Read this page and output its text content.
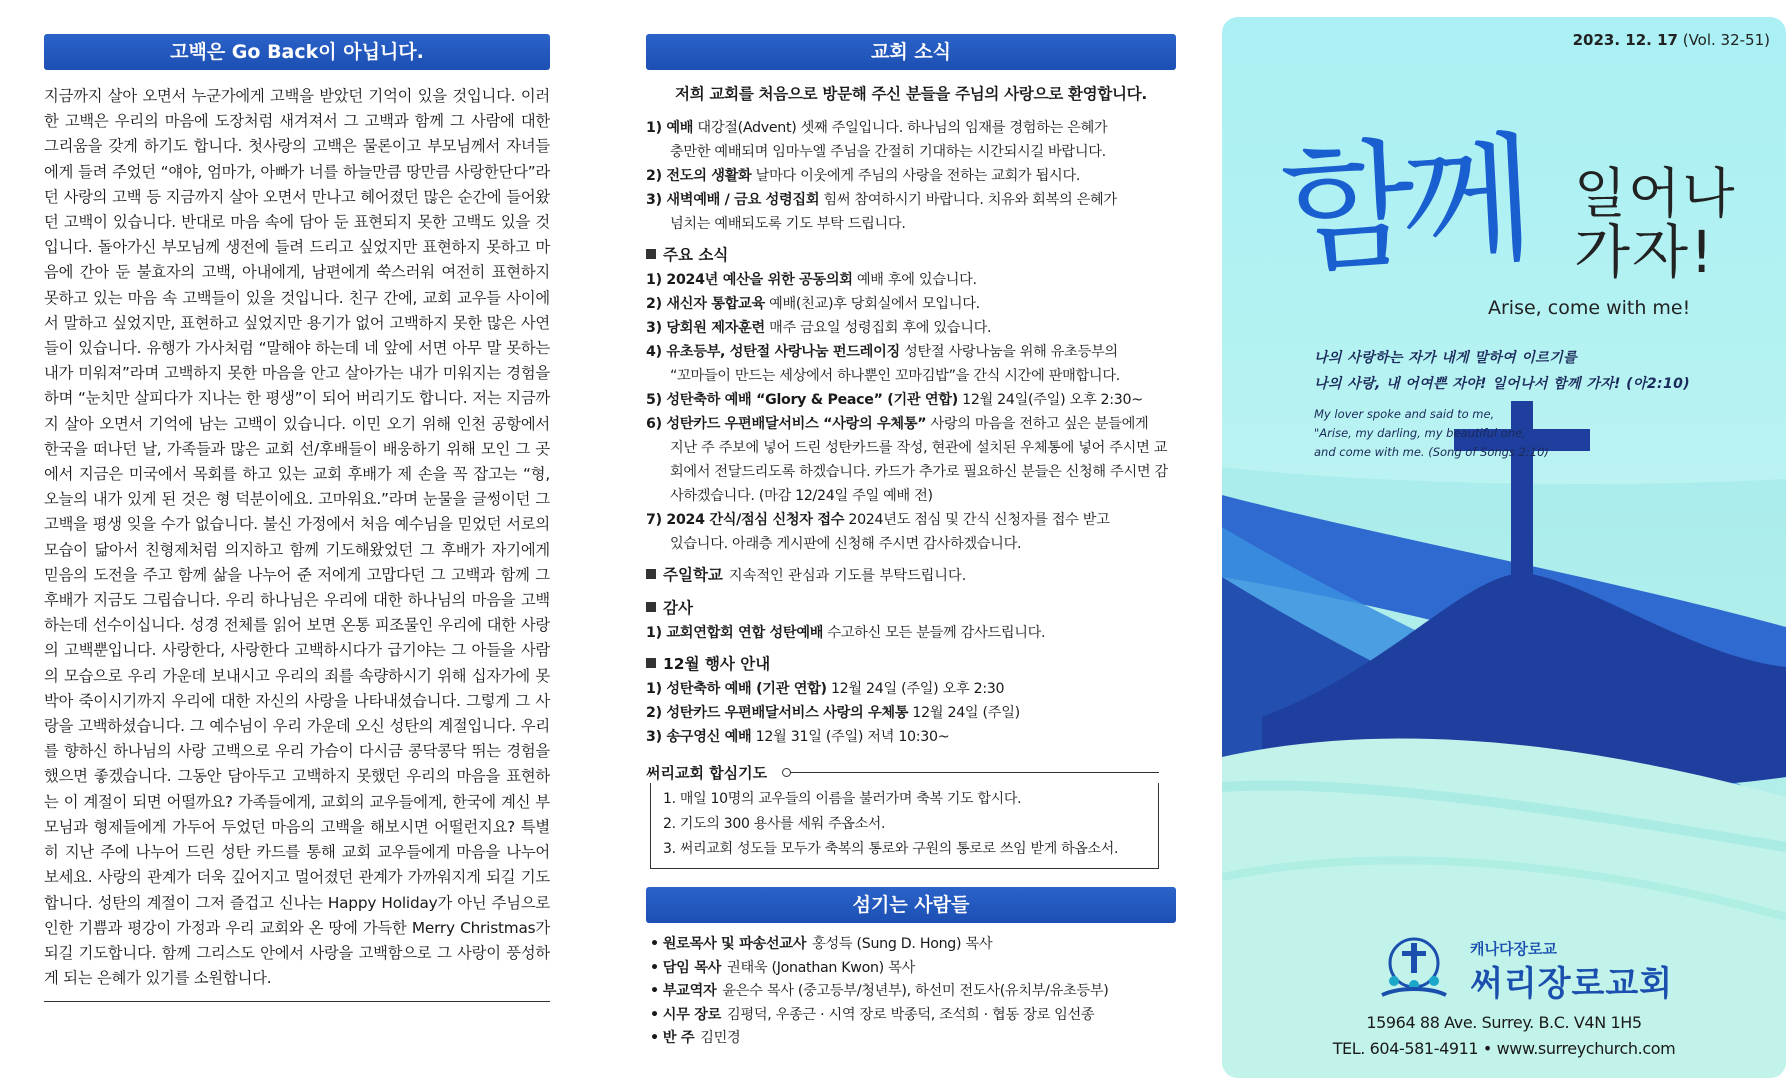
고백은 Go Back이 아닙니다.

지금까지 살아 오면서 누군가에게 고백을 받았던 기억이 있을 것입니다. 이러한 고백은 우리의 마음에 도장처럼 새겨져서 그 고백과 함께 그 사람에 대한 그리움을 갖게 하기도 합니다. 첫사랑의 고백은 물론이고 부모님께서 자녀들에게 들려 주었던 “얘야, 엄마가, 아빠가 너를 하늘만큼 땅만큼 사랑한단다”라던 사랑의 고백 등 지금까지 살아 오면서 만나고 헤어졌던 많은 순간에 들어왔던 고백이 있습니다. 반대로 마음 속에 담아 둔 표현되지 못한 고백도 있을 것입니다. 돌아가신 부모님께 생전에 들려 드리고 싶었지만 표현하지 못하고 마음에 간아 둔 불효자의 고백, 아내에게, 남편에게 쑥스러워 여전히 표현하지 못하고 있는 마음 속 고백들이 있을 것입니다. 친구 간에, 교회 교우들 사이에서 말하고 싶었지만, 표현하고 싶었지만 용기가 없어 고백하지 못한 많은 사연들이 있습니다. 유행가 가사처럼 “말해야 하는데 네 앞에 서면 아무 말 못하는 내가 미워져”라며 고백하지 못한 마음을 안고 살아가는 내가 미워지는 경험을 하며 “눈치만 살피다가 지나는 한 평생”이 되어 버리기도 합니다. 저는 지금까지 살아 오면서 기억에 남는 고백이 있습니다. 이민 오기 위해 인천 공항에서 한국을 떠나던 날, 가족들과 많은 교회 선/후배들이 배웅하기 위해 모인 그 곳에서 지금은 미국에서 목회를 하고 있는 교회 후배가 제 손을 꼭 잡고는 “형, 오늘의 내가 있게 된 것은 형 덕분이에요. 고마워요.”라며 눈물을 글썽이던 그 고백을 평생 잊을 수가 없습니다. 불신 가정에서 처음 예수님을 믿었던 서로의 모습이 닮아서 친형제처럼 의지하고 함께 기도해왔었던 그 후배가 자기에게 믿음의 도전을 주고 함께 삶을 나누어 준 저에게 고맙다던 그 고백과 함께 그 후배가 지금도 그립습니다. 우리 하나님은 우리에 대한 하나님의 마음을 고백하는데 선수이십니다. 성경 전체를 읽어 보면 온통 피조물인 우리에 대한 사랑의 고백뿐입니다. 사랑한다, 사랑한다 고백하시다가 급기야는 그 아들을 사람의 모습으로 우리 가운데 보내시고 우리의 죄를 속량하시기 위해 십자가에 못박아 죽이시기까지 우리에 대한 자신의 사랑을 나타내셨습니다. 그렇게 그 사랑을 고백하셨습니다. 그 예수님이 우리 가운데 오신 성탄의 계절입니다. 우리를 향하신 하나님의 사랑 고백으로 우리 가슴이 다시금 콩닥콩닥 뛰는 경험을 했으면 좋겠습니다. 그동안 담아두고 고백하지 못했던 우리의 마음을 표현하는 이 계절이 되면 어떨까요? 가족들에게, 교회의 교우들에게, 한국에 계신 부모님과 형제들에게 가두어 두었던 마음의 고백을 해보시면 어떨런지요? 특별히 지난 주에 나누어 드린 성탄 카드를 통해 교회 교우들에게 마음을 나누어 보세요. 사랑의 관계가 더욱 깊어지고 멀어졌던 관계가 가까워지게 되길 기도합니다. 성탄의 계절이 그저 즐겁고 신나는 Happy Holiday가 아닌 주님으로 인한 기쁨과 평강이 가정과 우리 교회와 온 땅에 가득한 Merry Christmas가 되길 기도합니다. 함께 그리스도 안에서 사랑을 고백함으로 그 사랑이 풍성하게 되는 은혜가 있기를 소원합니다.

교회 소식
저희 교회를 처음으로 방문해 주신 분들을 주님의 사랑으로 환영합니다.
1) 예배 대강절(Advent) 셋째 주일입니다. 하나님의 임재를 경험하는 은혜가
충만한 예배되며 임마누엘 주님을 간절히 기대하는 시간되시길 바랍니다.
2) 전도의 생활화 날마다 이웃에게 주님의 사랑을 전하는 교회가 됩시다.
3) 새벽예배 / 금요 성령집회 힘써 참여하시기 바랍니다. 치유와 회복의 은혜가
넘치는 예배되도록 기도 부탁 드립니다.
주요 소식
1) 2024년 예산을 위한 공동의회 예배 후에 있습니다.
2) 새신자 통합교육 예배(친교)후 당회실에서 모입니다.
3) 당회원 제자훈련 매주 금요일 성령집회 후에 있습니다.
4) 유초등부, 성탄절 사랑나눔 펀드레이징 성탄절 사랑나눔을 위해 유초등부의
“꼬마들이 만드는 세상에서 하나뿐인 꼬마김밥”을 간식 시간에 판매합니다.
5) 성탄축하 예배 “Glory & Peace” (기관 연합) 12월 24일(주일) 오후 2:30~
6) 성탄카드 우편배달서비스 “사랑의 우체통” 사랑의 마음을 전하고 싶은 분들에게
지난 주 주보에 넣어 드린 성탄카드를 작성, 현관에 설치된 우체통에 넣어 주시면 교회에서 전달드리도록 하겠습니다. 카드가 추가로 필요하신 분들은 신청해 주시면 감사하겠습니다. (마감 12/24일 주일 예배 전)
7) 2024 간식/점심 신청자 접수 2024년도 점심 및 간식 신청자를 접수 받고
있습니다. 아래층 게시판에 신청해 주시면 감사하겠습니다.
주일학교 지속적인 관심과 기도를 부탁드립니다.
감사
1) 교회연합회 연합 성탄예배 수고하신 모든 분들께 감사드립니다.
12월 행사 안내
1) 성탄축하 예배 (기관 연합) 12월 24일 (주일) 오후 2:30
2) 성탄카드 우편배달서비스 사랑의 우체통 12월 24일 (주일)
3) 송구영신 예배 12월 31일 (주일) 저녁 10:30~
써리교회 합심기도
1. 매일 10명의 교우들의 이름을 불러가며 축복 기도 합시다.
2. 기도의 300 용사를 세워 주옵소서.
3. 써리교회 성도들 모두가 축복의 통로와 구원의 통로로 쓰임 받게 하옵소서.
섬기는 사람들
• 원로목사 및 파송선교사 홍성득 (Sung D. Hong) 목사
• 담임 목사 권태욱 (Jonathan Kwon) 목사
• 부교역자 윤은수 목사 (중고등부/청년부), 하선미 전도사(유치부/유초등부)
• 시무 장로 김평덕, 우종근 · 시역 장로 박종덕, 조석희 · 협동 장로 임선종
• 반 주 김민경
2023. 12. 17 (Vol. 32-51)
함께 일어나
가자!
Arise, come with me!
나의 사랑하는 자가 내게 말하여 이르기를
나의 사랑, 내 어여쁜 자야! 일어나서 함께 가자! (아2:10)
My lover spoke and said to me,
"Arise, my darling, my beautiful one,
and come with me. (Song of Songs 2:10)
캐나다장로교
써리장로교회
15964 88 Ave. Surrey. B.C. V4N 1H5
TEL. 604-581-4911 • www.surreychurch.com
